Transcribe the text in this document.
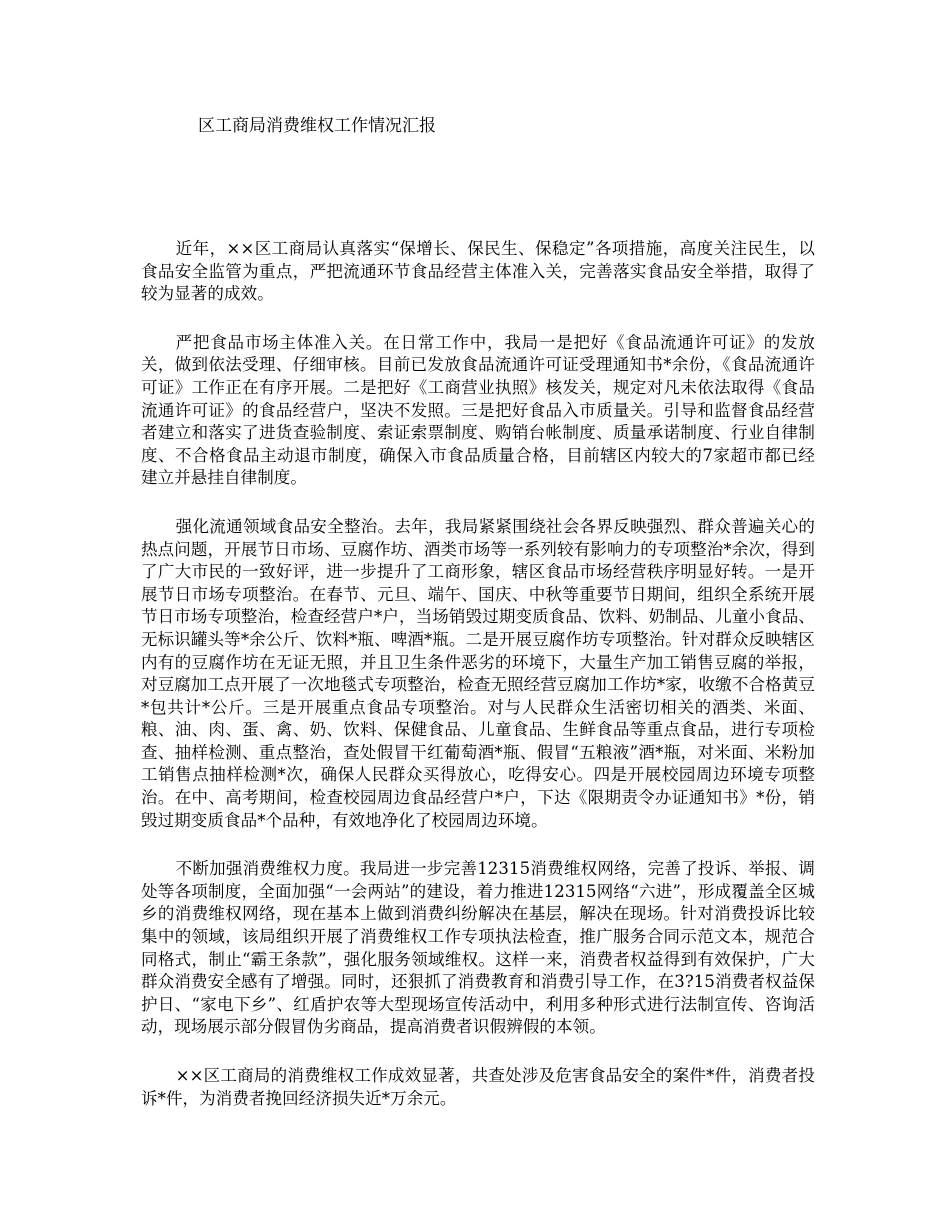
区工商局消费维权工作情况汇报

近年，××区工商局认真落实“保增长、保民生、保稳定”各项措施，高度关注民生，以食品安全监管为重点，严把流通环节食品经营主体准入关，完善落实食品安全举措，取得了较为显著的成效。

严把食品市场主体准入关。在日常工作中，我局一是把好《食品流通许可证》的发放关，做到依法受理、仔细审核。目前已发放食品流通许可证受理通知书*余份，《食品流通许可证》工作正在有序开展。二是把好《工商营业执照》核发关，规定对凡未依法取得《食品流通许可证》的食品经营户，坚决不发照。三是把好食品入市质量关。引导和监督食品经营者建立和落实了进货查验制度、索证索票制度、购销台帐制度、质量承诺制度、行业自律制度、不合格食品主动退市制度，确保入市食品质量合格，目前辖区内较大的7家超市都已经建立并悬挂自律制度。

强化流通领域食品安全整治。去年，我局紧紧围绕社会各界反映强烈、群众普遍关心的热点问题，开展节日市场、豆腐作坊、酒类市场等一系列较有影响力的专项整治*余次，得到了广大市民的一致好评，进一步提升了工商形象，辖区食品市场经营秩序明显好转。一是开展节日市场专项整治。在春节、元旦、端午、国庆、中秋等重要节日期间，组织全系统开展节日市场专项整治，检查经营户*户，当场销毁过期变质食品、饮料、奶制品、儿童小食品、无标识罐头等*余公斤、饮料*瓶、啤酒*瓶。二是开展豆腐作坊专项整治。针对群众反映辖区内有的豆腐作坊在无证无照，并且卫生条件恶劣的环境下，大量生产加工销售豆腐的举报，对豆腐加工点开展了一次地毯式专项整治，检查无照经营豆腐加工作坊*家，收缴不合格黄豆*包共计*公斤。三是开展重点食品专项整治。对与人民群众生活密切相关的酒类、米面、粮、油、肉、蛋、禽、奶、饮料、保健食品、儿童食品、生鲜食品等重点食品，进行专项检查、抽样检测、重点整治，查处假冒干红葡萄酒*瓶、假冒“五粮液”酒*瓶，对米面、米粉加工销售点抽样检测*次，确保人民群众买得放心，吃得安心。四是开展校园周边环境专项整治。在中、高考期间，检查校园周边食品经营户*户，下达《限期责令办证通知书》*份，销毁过期变质食品*个品种，有效地净化了校园周边环境。

不断加强消费维权力度。我局进一步完善12315消费维权网络，完善了投诉、举报、调处等各项制度，全面加强“一会两站”的建设，着力推进12315网络“六进”，形成覆盖全区城乡的消费维权网络，现在基本上做到消费纠纷解决在基层，解决在现场。针对消费投诉比较集中的领域，该局组织开展了消费维权工作专项执法检查，推广服务合同示范文本，规范合同格式，制止“霸王条款”，强化服务领域维权。这样一来，消费者权益得到有效保护，广大群众消费安全感有了增强。同时，还狠抓了消费教育和消费引导工作，在3?15消费者权益保护日、“家电下乡”、红盾护农等大型现场宣传活动中，利用多种形式进行法制宣传、咨询活动，现场展示部分假冒伪劣商品，提高消费者识假辨假的本领。

××区工商局的消费维权工作成效显著，共查处涉及危害食品安全的案件*件，消费者投诉*件，为消费者挽回经济损失近*万余元。
